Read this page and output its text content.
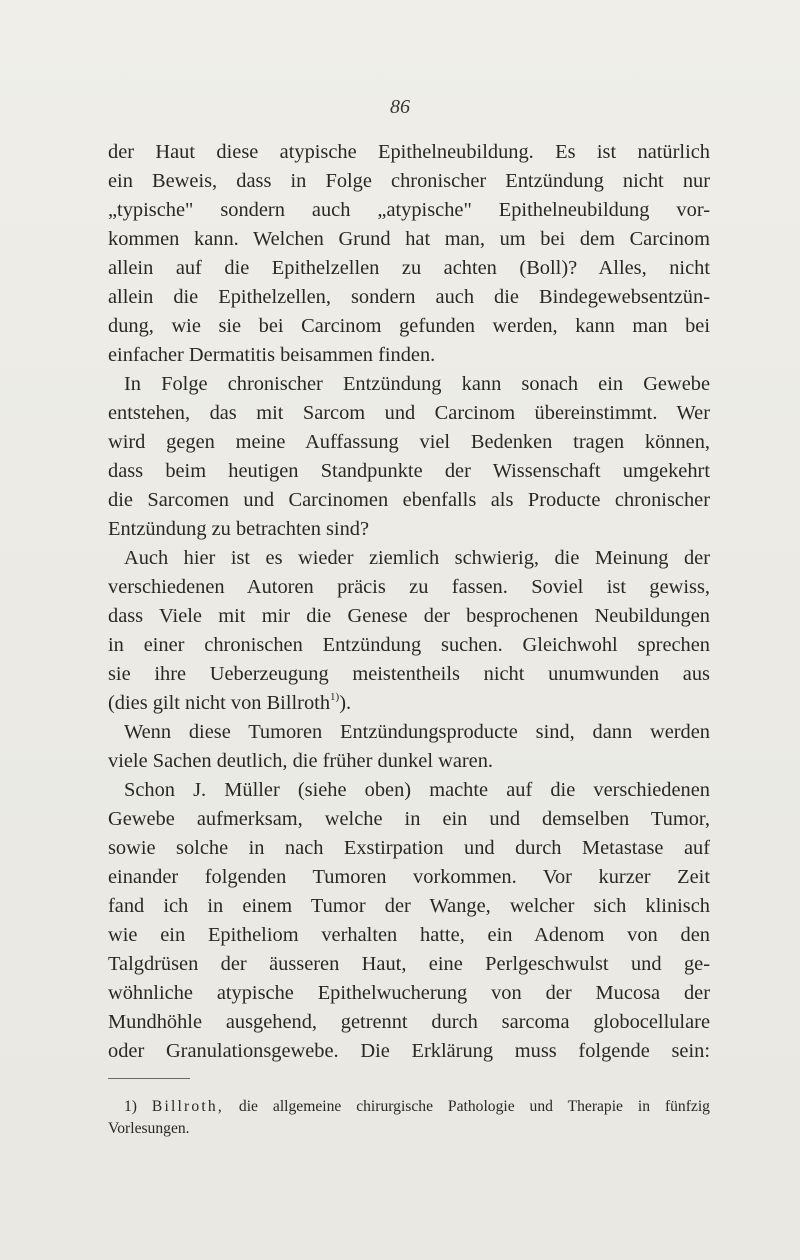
86
der Haut diese atypische Epithelneubildung. Es ist natürlich
ein Beweis, dass in Folge chronischer Entzündung nicht nur
„typische" sondern auch „atypische" Epithelneubildung vor-
kommen kann. Welchen Grund hat man, um bei dem Carcinom
allein auf die Epithelzellen zu achten (Boll)? Alles, nicht
allein die Epithelzellen, sondern auch die Bindegewebsentzün-
dung, wie sie bei Carcinom gefunden werden, kann man bei
einfacher Dermatitis beisammen finden.
In Folge chronischer Entzündung kann sonach ein Gewebe
entstehen, das mit Sarcom und Carcinom übereinstimmt. Wer
wird gegen meine Auffassung viel Bedenken tragen können,
dass beim heutigen Standpunkte der Wissenschaft umgekehrt
die Sarcomen und Carcinomen ebenfalls als Producte chronischer
Entzündung zu betrachten sind?
Auch hier ist es wieder ziemlich schwierig, die Meinung der
verschiedenen Autoren präcis zu fassen. Soviel ist gewiss,
dass Viele mit mir die Genese der besprochenen Neubildungen
in einer chronischen Entzündung suchen. Gleichwohl sprechen
sie ihre Ueberzeugung meistentheils nicht unumwunden aus
(dies gilt nicht von Billroth$^{1)}$).
Wenn diese Tumoren Entzündungsproducte sind, dann werden
viele Sachen deutlich, die früher dunkel waren.
Schon J. Müller (siehe oben) machte auf die verschiedenen
Gewebe aufmerksam, welche in ein und demselben Tumor,
sowie solche in nach Exstirpation und durch Metastase auf
einander folgenden Tumoren vorkommen. Vor kurzer Zeit
fand ich in einem Tumor der Wange, welcher sich klinisch
wie ein Epitheliom verhalten hatte, ein Adenom von den
Talgdrüsen der äusseren Haut, eine Perlgeschwulst und ge-
wöhnliche atypische Epithelwucherung von der Mucosa der
Mundhöhle ausgehend, getrennt durch sarcoma globocellulare
oder Granulationsgewebe. Die Erklärung muss folgende sein:
1) Billroth, die allgemeine chirurgische Pathologie und Therapie in fünfzig
Vorlesungen.
